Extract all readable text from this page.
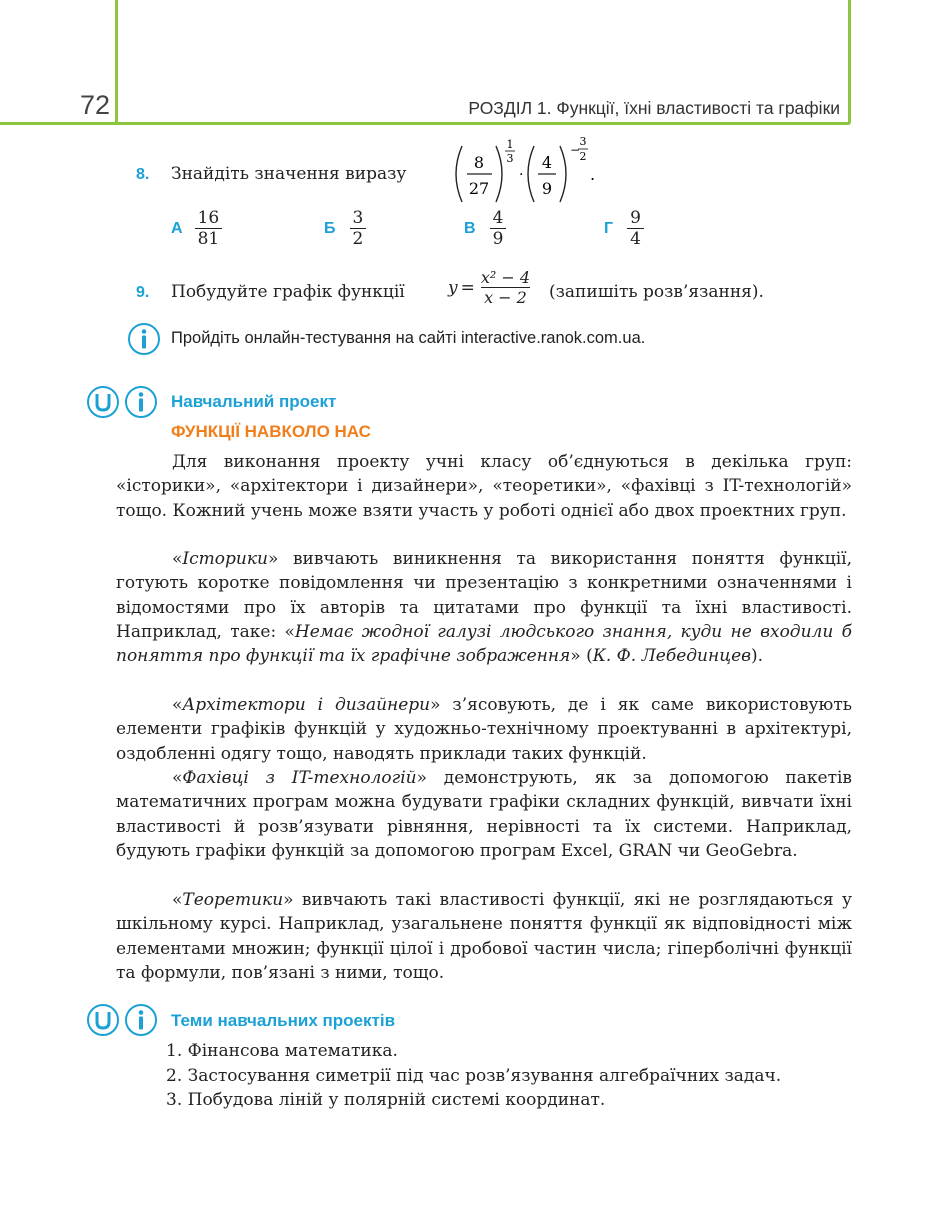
72	РОЗДІЛ 1. Функції, їхні властивості та графіки
8. Знайдіть значення виразу
8
27
1
3
·
4
9
−
3
2
.
А $\frac{16}{81}$	Б $\frac{3}{2}$	В $\frac{4}{9}$	Г $\frac{9}{4}$
9. Побудуйте графік функції	$y = \frac{\text{x² − 4}}{x - 2}$ (запишіть розв’язання).
Пройдіть онлайн-тестування на сайті interactive.ranok.com.ua.
Навчальний проект
ФУНКЦІЇ НАВКОЛО НАС
Для виконання проекту учні класу об’єднуються в декілька груп: «історики», «архітектори і дизайнери», «теоретики», «фахівці з IT-технологій» тощо. Кожний учень може взяти участь у роботі однієї або двох проектних груп.
«Історики» вивчають виникнення та використання поняття функції, готують коротке повідомлення чи презентацію з конкретними означеннями і відомостями про їх авторів та цитатами про функції та їхні властивості. Наприклад, таке: «Немає жодної галузі людського знання, куди не входили б поняття про функції та їх графічне зображення» (К. Ф. Лебединцев).
«Архітектори і дизайнери» з’ясовують, де і як саме використовують елементи графіків функцій у художньо-технічному проектуванні в архітектурі, оздобленні одягу тощо, наводять приклади таких функцій.
«Фахівці з IT-технологій» демонструють, як за допомогою пакетів математичних програм можна будувати графіки складних функцій, вивчати їхні властивості й розв’язувати рівняння, нерівності та їх системи. Наприклад, будують графіки функцій за допомогою програм Excel, GRAN чи GeoGebra.
«Теоретики» вивчають такі властивості функції, які не розглядаються у шкільному курсі. Наприклад, узагальнене поняття функції як відповідності між елементами множин; функції цілої і дробової частин числа; гіперболічні функції та формули, пов’язані з ними, тощо.
Теми навчальних проектів
1. Фінансова математика.
2. Застосування симетрії під час розв’язування алгебраїчних задач.
3. Побудова ліній у полярній системі координат.
